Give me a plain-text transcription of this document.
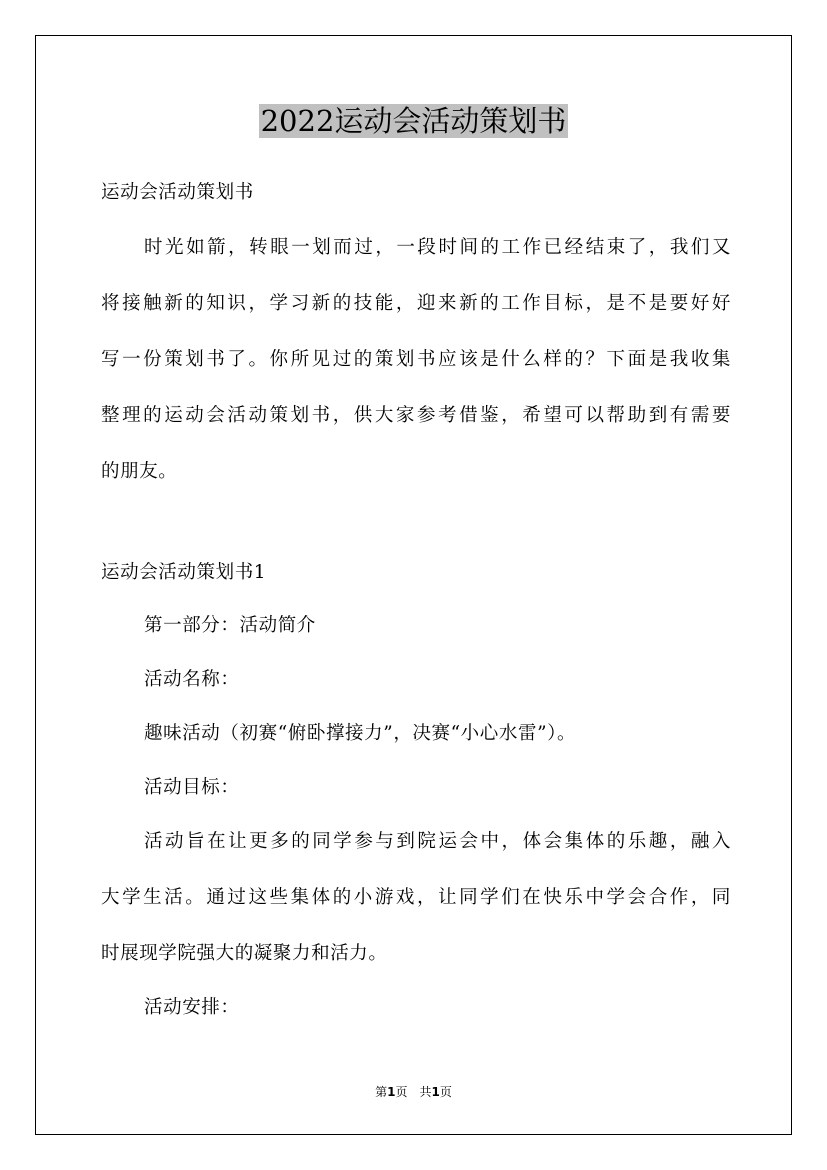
2022运动会活动策划书

运动会活动策划书

时光如箭，转眼一划而过，一段时间的工作已经结束了，我们又
将接触新的知识，学习新的技能，迎来新的工作目标，是不是要好好
写一份策划书了。你所见过的策划书应该是什么样的？下面是我收集
整理的运动会活动策划书，供大家参考借鉴，希望可以帮助到有需要
的朋友。

运动会活动策划书1

第一部分：活动简介

活动名称：

趣味活动（初赛“俯卧撑接力”，决赛“小心水雷”）。

活动目标：

活动旨在让更多的同学参与到院运会中，体会集体的乐趣，融入
大学生活。通过这些集体的小游戏，让同学们在快乐中学会合作，同
时展现学院强大的凝聚力和活力。

活动安排：

第1页　共1页
